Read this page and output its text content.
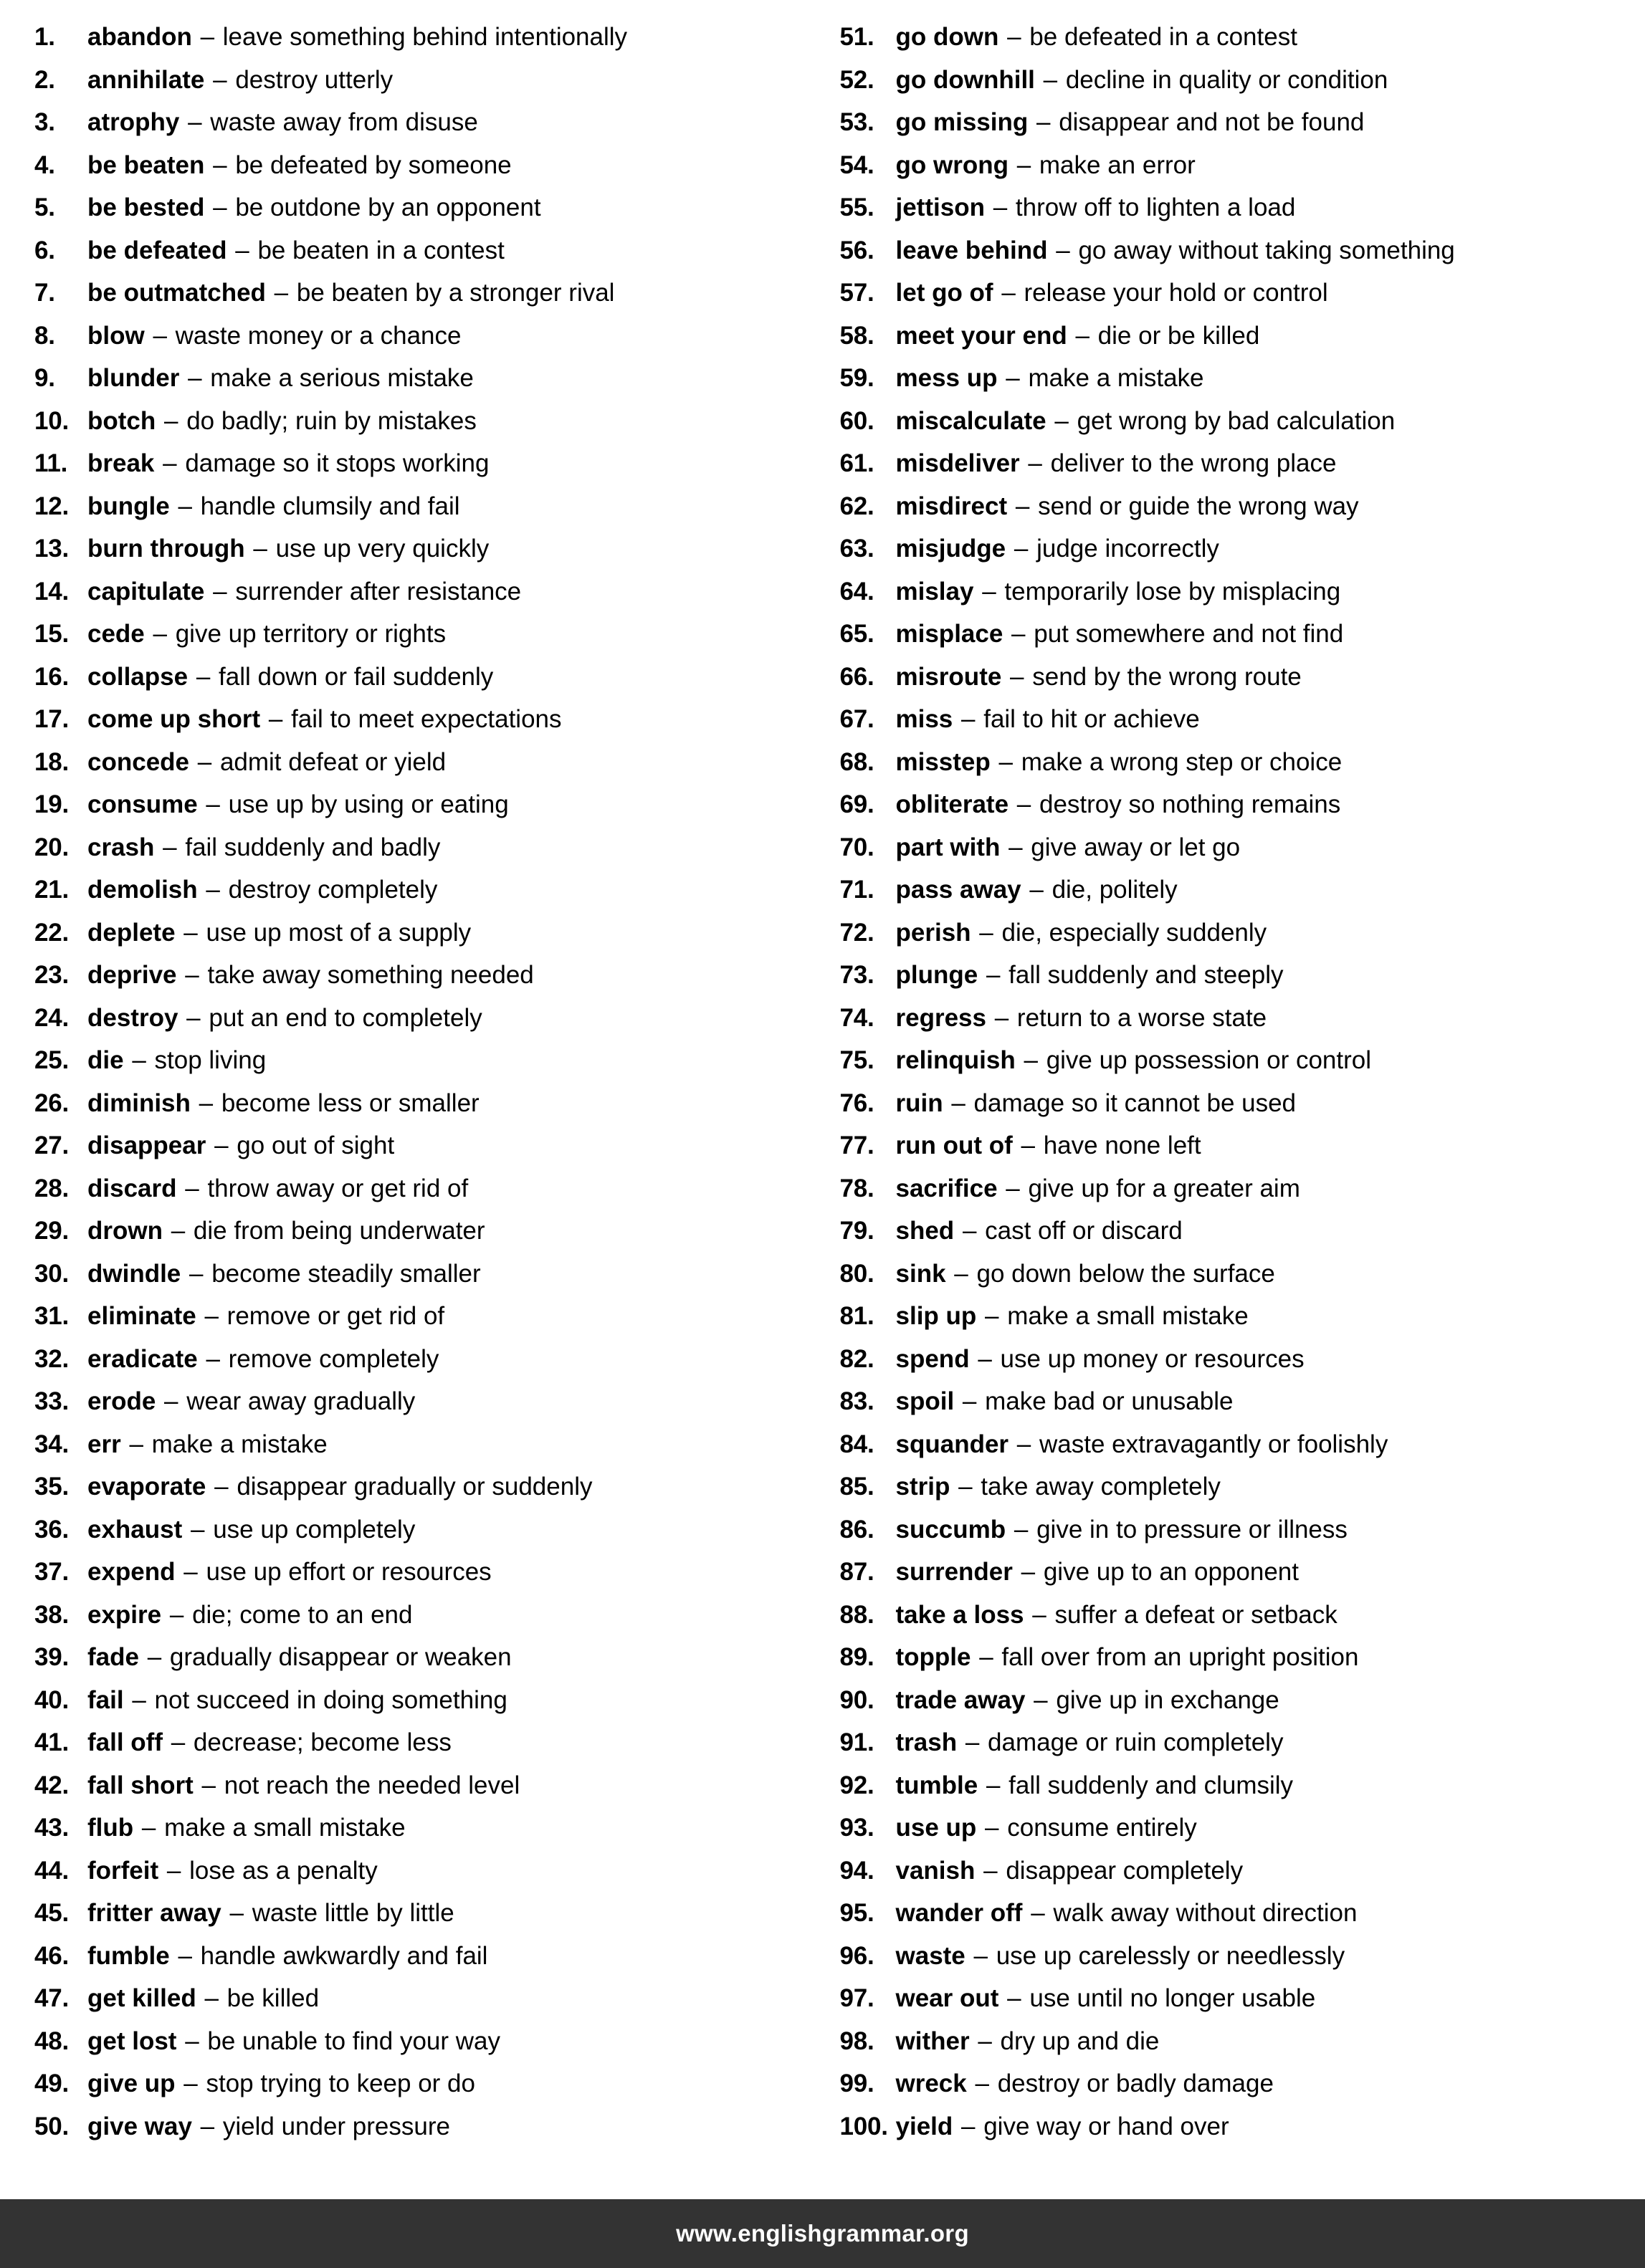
1.	abandon – leave something behind intentionally
2.	annihilate – destroy utterly
3.	atrophy – waste away from disuse
4.	be beaten – be defeated by someone
5.	be bested – be outdone by an opponent
6.	be defeated – be beaten in a contest
7.	be outmatched – be beaten by a stronger rival
8.	blow – waste money or a chance
9.	blunder – make a serious mistake
10. botch – do badly; ruin by mistakes
11. break – damage so it stops working
12. bungle – handle clumsily and fail
13. burn through – use up very quickly
14. capitulate – surrender after resistance
15. cede – give up territory or rights
16. collapse – fall down or fail suddenly
17. come up short – fail to meet expectations
18. concede – admit defeat or yield
19. consume – use up by using or eating
20. crash – fail suddenly and badly
21. demolish – destroy completely
22. deplete – use up most of a supply
23. deprive – take away something needed
24. destroy – put an end to completely
25. die – stop living
26. diminish – become less or smaller
27. disappear – go out of sight
28. discard – throw away or get rid of
29. drown – die from being underwater
30. dwindle – become steadily smaller
31. eliminate – remove or get rid of
32. eradicate – remove completely
33. erode – wear away gradually
34. err – make a mistake
35. evaporate – disappear gradually or suddenly
36. exhaust – use up completely
37. expend – use up effort or resources
38. expire – die; come to an end
39. fade – gradually disappear or weaken
40. fail – not succeed in doing something
41. fall off – decrease; become less
42. fall short – not reach the needed level
43. flub – make a small mistake
44. forfeit – lose as a penalty
45. fritter away – waste little by little
46. fumble – handle awkwardly and fail
47. get killed – be killed
48. get lost – be unable to find your way
49. give up – stop trying to keep or do
50. give way – yield under pressure
51. go down – be defeated in a contest
52. go downhill – decline in quality or condition
53. go missing – disappear and not be found
54. go wrong – make an error
55. jettison – throw off to lighten a load
56. leave behind – go away without taking something
57. let go of – release your hold or control
58. meet your end – die or be killed
59. mess up – make a mistake
60. miscalculate – get wrong by bad calculation
61. misdeliver – deliver to the wrong place
62. misdirect – send or guide the wrong way
63. misjudge – judge incorrectly
64. mislay – temporarily lose by misplacing
65. misplace – put somewhere and not find
66. misroute – send by the wrong route
67. miss – fail to hit or achieve
68. misstep – make a wrong step or choice
69. obliterate – destroy so nothing remains
70. part with – give away or let go
71. pass away – die, politely
72. perish – die, especially suddenly
73. plunge – fall suddenly and steeply
74. regress – return to a worse state
75. relinquish – give up possession or control
76. ruin – damage so it cannot be used
77. run out of – have none left
78. sacrifice – give up for a greater aim
79. shed – cast off or discard
80. sink – go down below the surface
81. slip up – make a small mistake
82. spend – use up money or resources
83. spoil – make bad or unusable
84. squander – waste extravagantly or foolishly
85. strip – take away completely
86. succumb – give in to pressure or illness
87. surrender – give up to an opponent
88. take a loss – suffer a defeat or setback
89. topple – fall over from an upright position
90. trade away – give up in exchange
91. trash – damage or ruin completely
92. tumble – fall suddenly and clumsily
93. use up – consume entirely
94. vanish – disappear completely
95. wander off – walk away without direction
96. waste – use up carelessly or needlessly
97. wear out – use until no longer usable
98. wither – dry up and die
99. wreck – destroy or badly damage
100. yield – give way or hand over
www.englishgrammar.org
